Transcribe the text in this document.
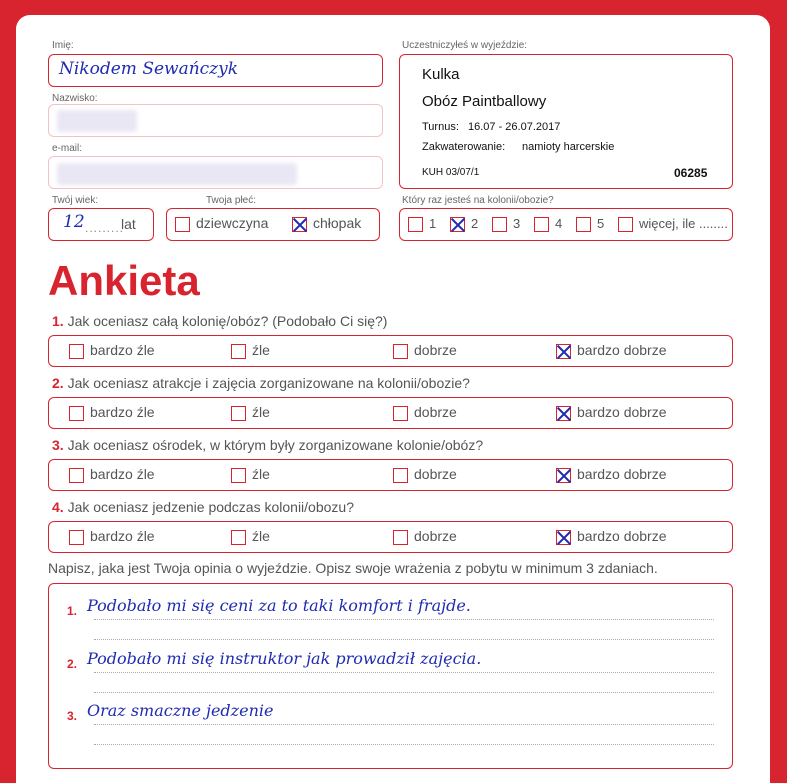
Imię:
Nikodem Sewańczyk
Nazwisko:
e-mail:
Twój wiek:
12 .........
lat
Twoja płeć:
dziewczyna	chłopak
Uczestniczyłeś w wyjeździe:
Kulka
Obóz Paintballowy
Turnus: 16.07 - 26.07.2017
Zakwaterowanie: namioty harcerskie
KUH 03/07/1	06285
Który raz jesteś na kolonii/obozie?
1	2	3	4	5	więcej, ile ........
Ankieta
1. Jak oceniasz całą kolonię/obóz? (Podobało Ci się?)
bardzo źle	źle	dobrze	bardzo dobrze
2. Jak oceniasz atrakcje i zajęcia zorganizowane na kolonii/obozie?
bardzo źle	źle	dobrze	bardzo dobrze
3. Jak oceniasz ośrodek, w którym były zorganizowane kolonie/obóz?
bardzo źle	źle	dobrze	bardzo dobrze
4. Jak oceniasz jedzenie podczas kolonii/obozu?
bardzo źle	źle	dobrze	bardzo dobrze
Napisz, jaka jest Twoja opinia o wyjeździe. Opisz swoje wrażenia z pobytu w minimum 3 zdaniach.
1.
2.
3.
Podobało mi się ceni za to taki komfort i frajde.
Podobało mi się instruktor jak prowadził zajęcia.
Oraz smaczne jedzenie
